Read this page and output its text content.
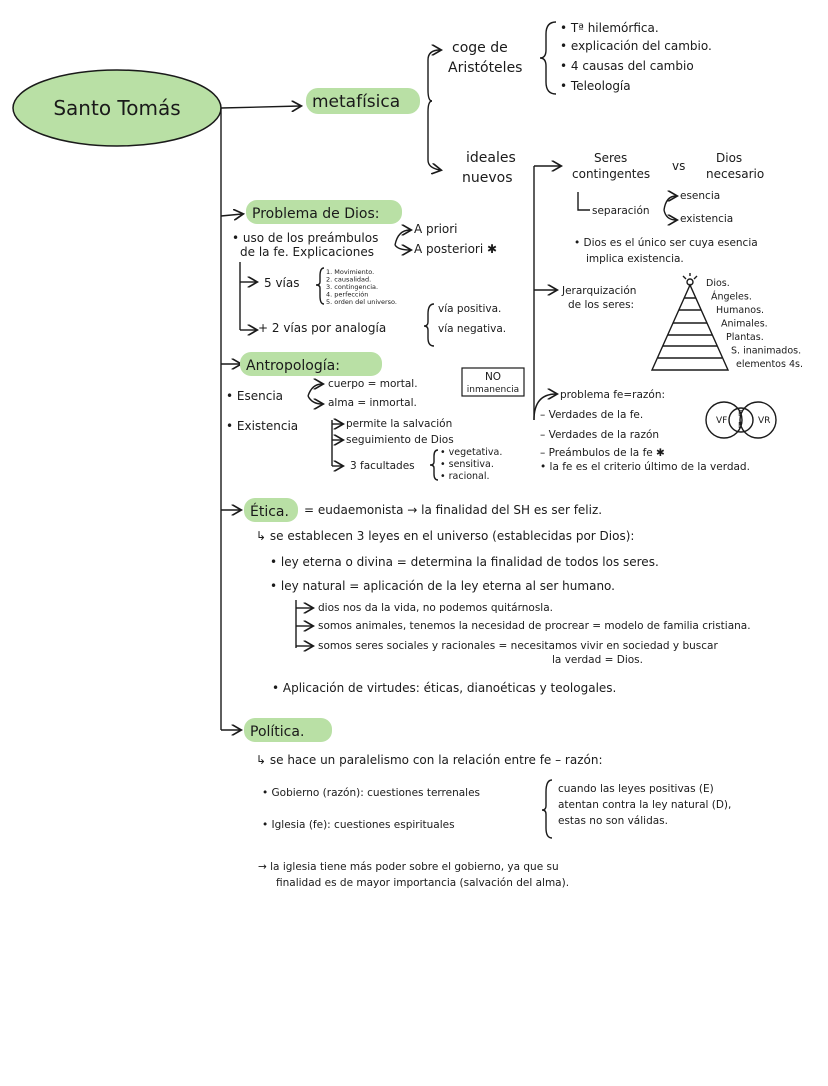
Santo Tomás	metafísica
coge de
Aristóteles
• Tª hilemórfica.
• explicación del cambio.
• 4 causas del cambio
• Teleología
ideales
nuevos
Seres
contingentes
vs
Dios
necesario
separación
esencia
existencia
• Dios es el único ser cuya esencia
implica existencia.
Jerarquización
de los seres:
Dios.
Ángeles.
Humanos.
Animales.
Plantas.
S. inanimados.
elementos 4s.
problema fe=razón:
– Verdades de la fe.
– Verdades de la razón
– Preámbulos de la fe ✱
• la fe es el criterio último de la verdad.
VF
P
F VR
Problema de Dios:
• uso de los preámbulos
de la fe. Explicaciones
A priori
A posteriori ✱
5 vías
1. Movimiento.
2. causalidad.
3. contingencia.
4. perfección
5. orden del universo.
+ 2 vías por analogía
vía positiva.
vía negativa.
Antropología:
• Esencia
cuerpo = mortal.
alma = inmortal.
NO
inmanencia
• Existencia	permite la salvación
seguimiento de Dios
3 facultades
• vegetativa.
• sensitiva.
• racional.
Ética. = eudaemonista → la finalidad del SH es ser feliz.
↳ se establecen 3 leyes en el universo (establecidas por Dios):
• ley eterna o divina = determina la finalidad de todos los seres.
• ley natural = aplicación de la ley eterna al ser humano.
dios nos da la vida, no podemos quitárnosla.
somos animales, tenemos la necesidad de procrear = modelo de familia cristiana.
somos seres sociales y racionales = necesitamos vivir en sociedad y buscar
la verdad = Dios.
• Aplicación de virtudes: éticas, dianoéticas y teologales.
Política.
↳ se hace un paralelismo con la relación entre fe – razón:
• Gobierno (razón): cuestiones terrenales
• Iglesia (fe): cuestiones espirituales
cuando las leyes positivas (E)
atentan contra la ley natural (D),
estas no son válidas.
→ la iglesia tiene más poder sobre el gobierno, ya que su
finalidad es de mayor importancia (salvación del alma).
